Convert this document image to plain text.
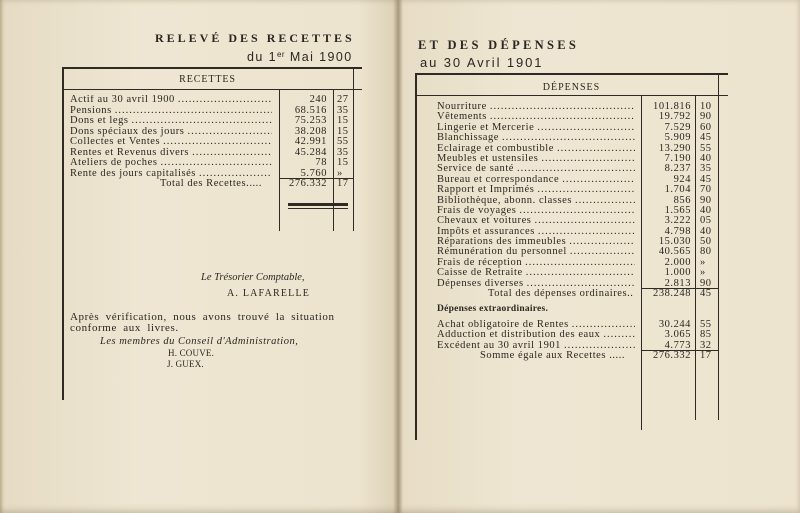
RELEVÉ DES RECETTES
du 1er Mai 1900
RECETTES
Actif au 30 avril 1900 .....	240 27
Pensions .....	68.516 35
Dons et legs .....	75.253 15
Dons spéciaux des jours .....	38.208 15
Collectes et Ventes .....	42.991 55
Rentes et Revenus divers .....	45.284 35
Ateliers de poches .....	78 15
Rente des jours capitalisés .....	5.760 »
Total des Recettes.....	276.332 17
Le Trésorier Comptable,
A. LAFARELLE
Après vérification, nous avons trouvé la situation
conforme aux livres.
Les membres du Conseil d'Administration,
H. COUVE.
J. GUEX.
ET DES DÉPENSES
au 30 Avril 1901
DÉPENSES
Nourriture .....	101.816 10
Vêtements .....	19.792 90
Lingerie et Mercerie .....	7.529 60
Blanchissage .....	5.909 45
Eclairage et combustible .....	13.290 55
Meubles et ustensiles .....	7.190 40
Service de santé .....	8.237 35
Bureau et correspondance .....	924 45
Rapport et Imprimés .....	1.704 70
Bibliothèque, abonn. classes .....	856 90
Frais de voyages .....	1.565 40
Chevaux et voitures .....	3.222 05
Impôts et assurances .....	4.798 40
Réparations des immeubles .....	15.030 50
Rémunération du personnel .....	40.565 80
Frais de réception .....	2.000 »
Caisse de Retraite .....	1.000 »
Dépenses diverses .....	2.813 90
Total des dépenses ordinaires..	238.248 45
Dépenses extraordinaires.
Achat obligatoire de Rentes .....	30.244 55
Adduction et distribution des eaux .....	3.065 85
Excédent au 30 avril 1901 .....	4.773 32
Somme égale aux Recettes .....	276.332 17
